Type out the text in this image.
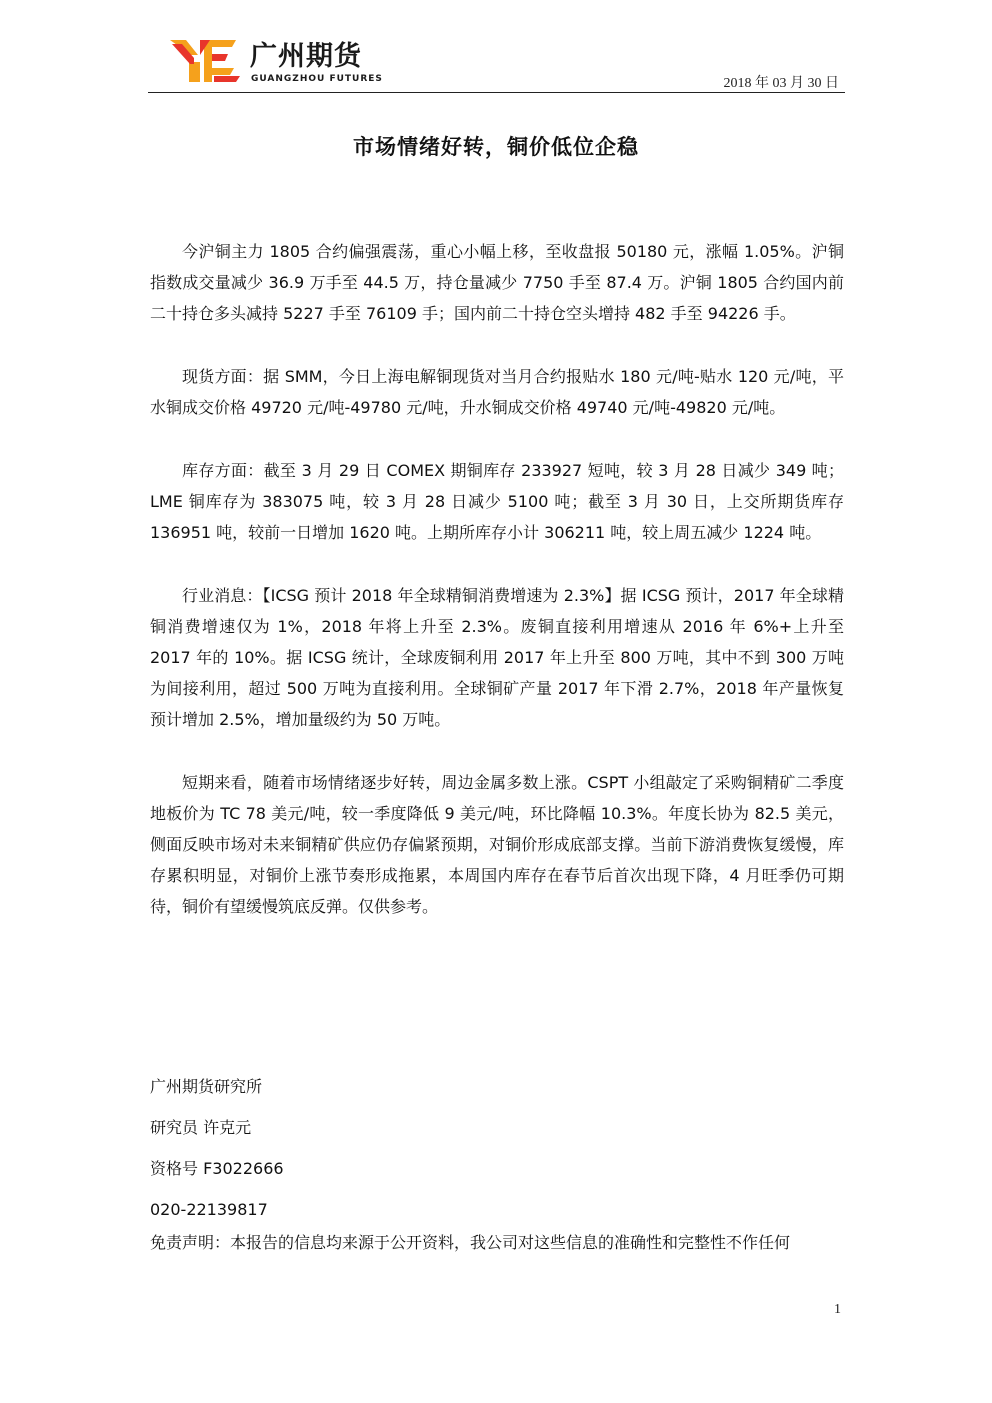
广州期货
GUANGZHOU FUTURES	2018 年 03 月 30 日
市场情绪好转，铜价低位企稳

今沪铜主力 1805 合约偏强震荡，重心小幅上移，至收盘报 50180 元，涨幅 1.05%。沪铜指数成交量减少 36.9 万手至 44.5 万，持仓量减少 7750 手至 87.4 万。沪铜 1805 合约国内前二十持仓多头减持 5227 手至 76109 手；国内前二十持仓空头增持 482 手至 94226 手。

现货方面：据 SMM，今日上海电解铜现货对当月合约报贴水 180 元/吨-贴水 120 元/吨，平水铜成交价格 49720 元/吨-49780 元/吨，升水铜成交价格 49740 元/吨-49820 元/吨。

库存方面：截至 3 月 29 日 COMEX 期铜库存 233927 短吨，较 3 月 28 日减少 349 吨；LME 铜库存为 383075 吨，较 3 月 28 日减少 5100 吨；截至 3 月 30 日，上交所期货库存 136951 吨，较前一日增加 1620 吨。上期所库存小计 306211 吨，较上周五减少 1224 吨。

行业消息：【ICSG 预计 2018 年全球精铜消费增速为 2.3%】据 ICSG 预计，2017 年全球精铜消费增速仅为 1%，2018 年将上升至 2.3%。废铜直接利用增速从 2016 年 6%+上升至 2017 年的 10%。据 ICSG 统计，全球废铜利用 2017 年上升至 800 万吨，其中不到 300 万吨为间接利用，超过 500 万吨为直接利用。全球铜矿产量 2017 年下滑 2.7%，2018 年产量恢复预计增加 2.5%，增加量级约为 50 万吨。

短期来看，随着市场情绪逐步好转，周边金属多数上涨。CSPT 小组敲定了采购铜精矿二季度地板价为 TC 78 美元/吨，较一季度降低 9 美元/吨，环比降幅 10.3%。年度长协为 82.5 美元，侧面反映市场对未来铜精矿供应仍存偏紧预期，对铜价形成底部支撑。当前下游消费恢复缓慢，库存累积明显，对铜价上涨节奏形成拖累，本周国内库存在春节后首次出现下降，4 月旺季仍可期待，铜价有望缓慢筑底反弹。仅供参考。

广州期货研究所
研究员 许克元
资格号 F3022666
020-22139817
免责声明：本报告的信息均来源于公开资料，我公司对这些信息的准确性和完整性不作任何
1
